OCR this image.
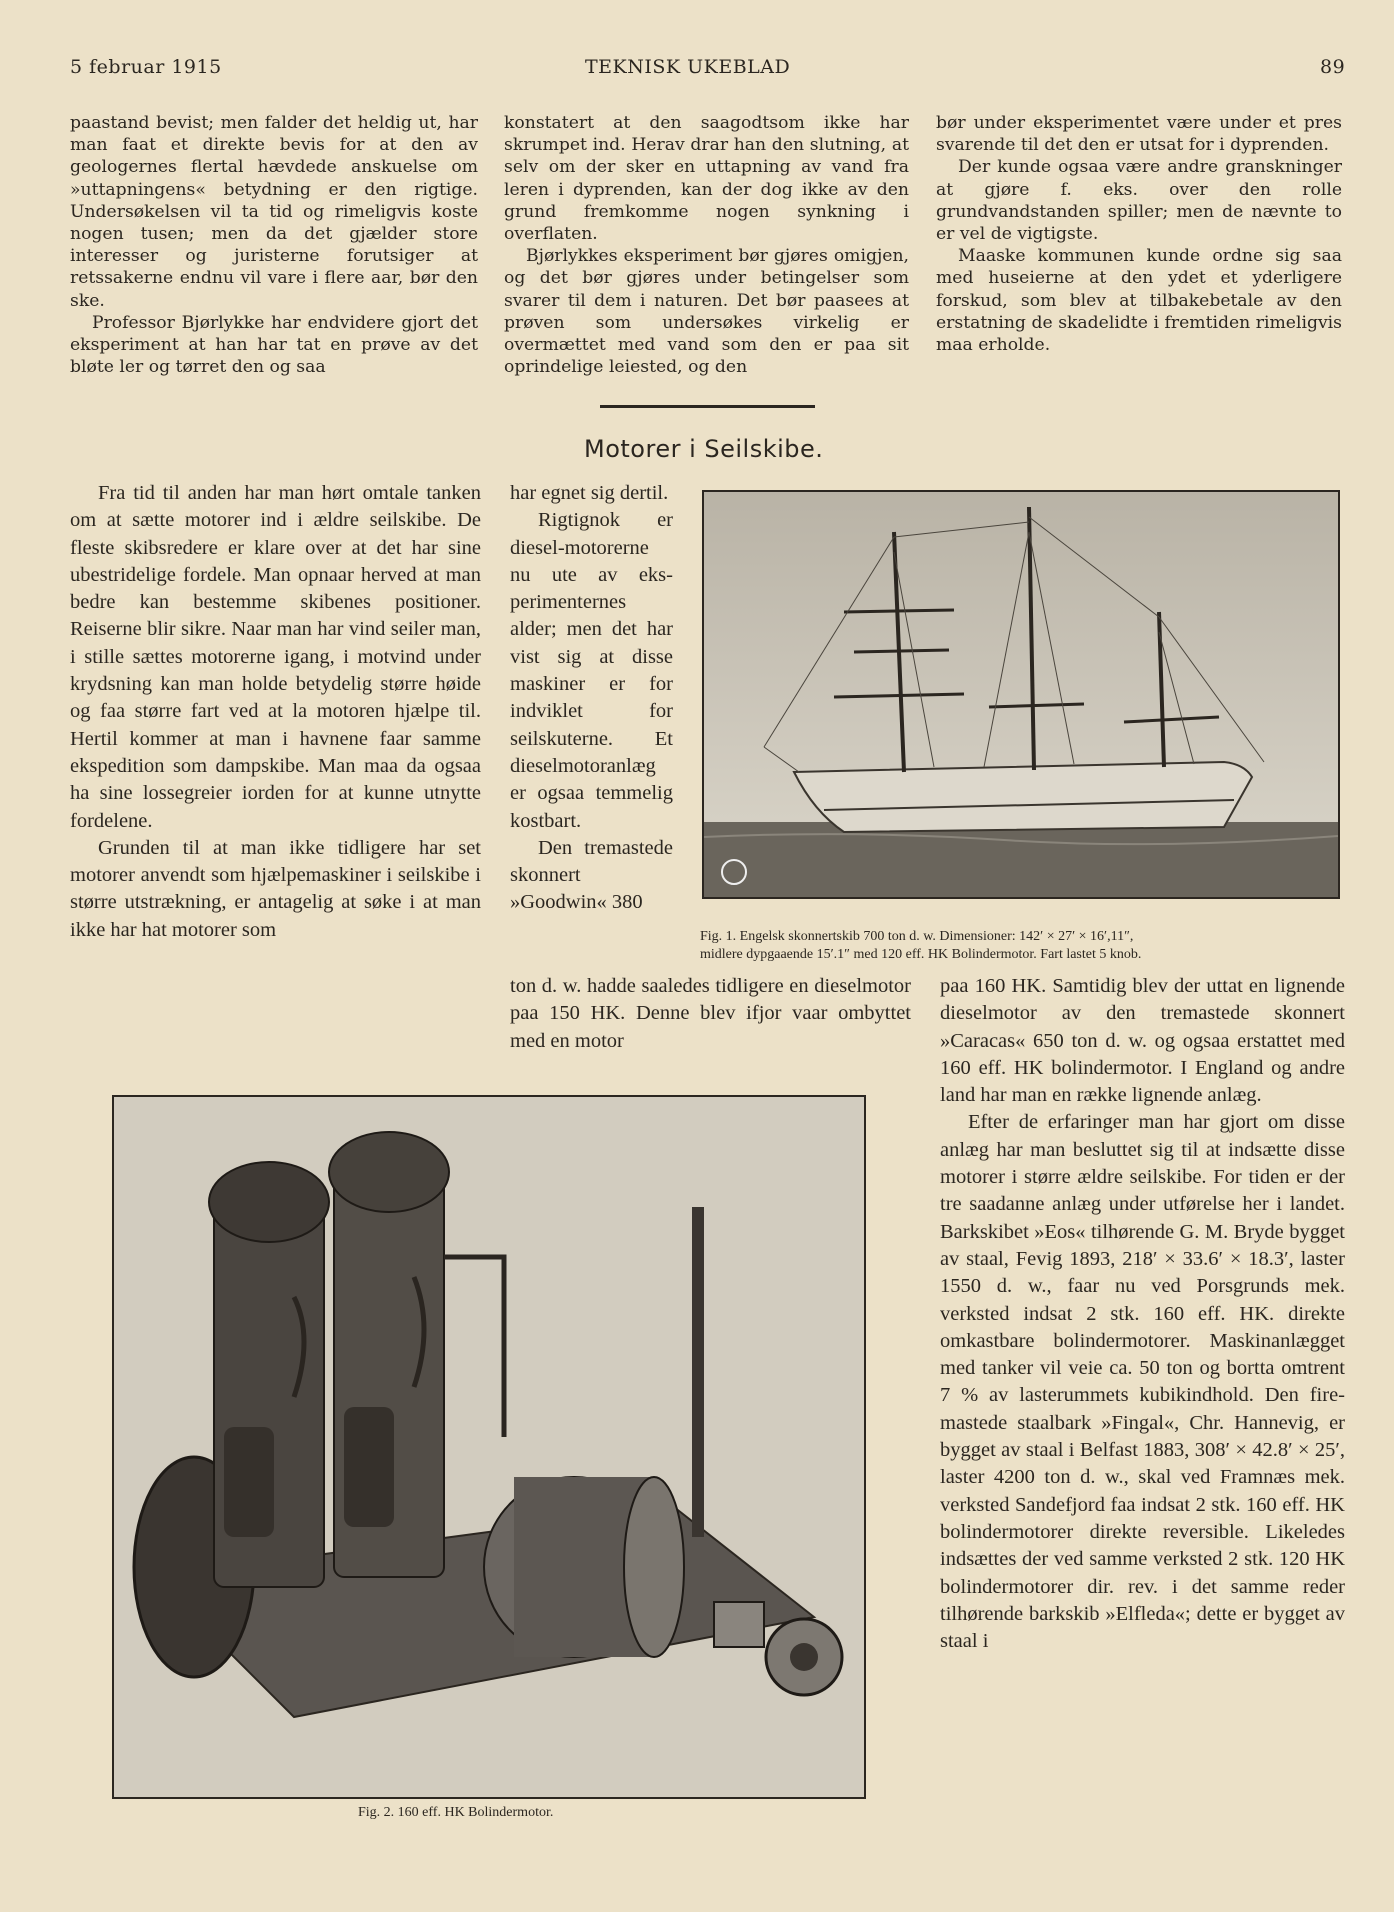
5 februar 1915	TEKNISK UKEBLAD	89

paastand bevist; men falder det heldig ut, har man faat et direkte bevis for at den av geologernes flertal hævdede anskuelse om »uttapningens« betydning er den rigtige. Undersøkelsen vil ta tid og rimeligvis koste nogen tusen; men da det gjælder store interesser og juristerne forutsiger at retssakerne endnu vil vare i flere aar, bør den ske.

Professor Bjørlykke har endvidere gjort det eksperiment at han har tat en prøve av det bløte ler og tørret den og saa

konstatert at den saagodtsom ikke har skrumpet ind. Herav drar han den slutning, at selv om der sker en uttapning av vand fra leren i dyprenden, kan der dog ikke av den grund fremkomme nogen synkning i overflaten.

Bjørlykkes eksperiment bør gjøres omigjen, og det bør gjøres under betingelser som svarer til dem i naturen. Det bør paasees at prøven som undersøkes virkelig er overmættet med vand som den er paa sit oprindelige leiested, og den

bør under eksperimentet være under et pres svarende til det den er utsat for i dyprenden.

Der kunde ogsaa være andre granskninger at gjøre f. eks. over den rolle grundvandstanden spiller; men de nævnte to er vel de vigtigste.

Maaske kommunen kunde ordne sig saa med huseierne at den ydet et yderligere forskud, som blev at tilbakebetale av den erstatning de skadelidte i fremtiden rimeligvis maa erholde.

Motorer i Seilskibe.

Fra tid til anden har man hørt omtale tanken om at sætte motorer ind i ældre seilskibe. De fleste skibsredere er klare over at det har sine ubestridelige fordele. Man opnaar herved at man bedre kan bestemme skibenes positioner. Reiserne blir sikre. Naar man har vind seiler man, i stille sættes motorerne igang, i motvind under krydsning kan man holde betydelig større høide og faa større fart ved at la motoren hjælpe til. Hertil kommer at man i havnene faar samme ekspedition som dampskibe. Man maa da ogsaa ha sine lossegreier iorden for at kunne utnytte fordelene.

Grunden til at man ikke tidligere har set motorer anvendt som hjælpemaskiner i seilskibe i større utstrækning, er antagelig at søke i at man ikke har hat motorer som

har egnet sig dertil.

Rigtignok er diesel-motorerne nu ute av eksperimenternes alder; men det har vist sig at disse maskiner er for indviklet for seilskuterne. Et dieselmotoranlæg er ogsaa temmelig kostbart.

Den tremastede skonnert »Goodwin« 380

ton d. w. hadde saaledes tidligere en dieselmotor paa 150 HK. Denne blev ifjor vaar ombyttet med en motor

Fig. 1. Engelsk skonnertskib 700 ton d. w. Dimensioner: 142′ × 27′ × 16′,11″,
midlere dypgaaende 15′.1″ med 120 eff. HK Bolindermotor. Fart lastet 5 knob.
Fig. 2. 160 eff. HK Bolindermotor.

paa 160 HK. Samtidig blev der uttat en lignende dieselmotor av den tremastede skonnert »Caracas« 650 ton d. w. og ogsaa erstattet med 160 eff. HK bolindermotor. I England og andre land har man en række lignende anlæg.

Efter de erfaringer man har gjort om disse anlæg har man besluttet sig til at indsætte disse motorer i større ældre seilskibe. For tiden er der tre saadanne anlæg under utførelse her i landet. Barkskibet »Eos« tilhørende G. M. Bryde bygget av staal, Fevig 1893, 218′ × 33.6′ × 18.3′, laster 1550 d. w., faar nu ved Porsgrunds mek. verksted indsat 2 stk. 160 eff. HK. direkte omkastbare bolindermotorer. Maskinanlægget med tanker vil veie ca. 50 ton og bortta omtrent 7 % av lasterummets kubikindhold. Den firemastede staalbark »Fingal«, Chr. Hannevig, er bygget av staal i Belfast 1883, 308′ × 42.8′ × 25′, laster 4200 ton d. w., skal ved Framnæs mek. verksted Sandefjord faa indsat 2 stk. 160 eff. HK bolindermotorer direkte reversible. Likeledes indsættes der ved samme verksted 2 stk. 120 HK bolindermotorer dir. rev. i det samme reder tilhørende barkskib »Elfleda«; dette er bygget av staal i
